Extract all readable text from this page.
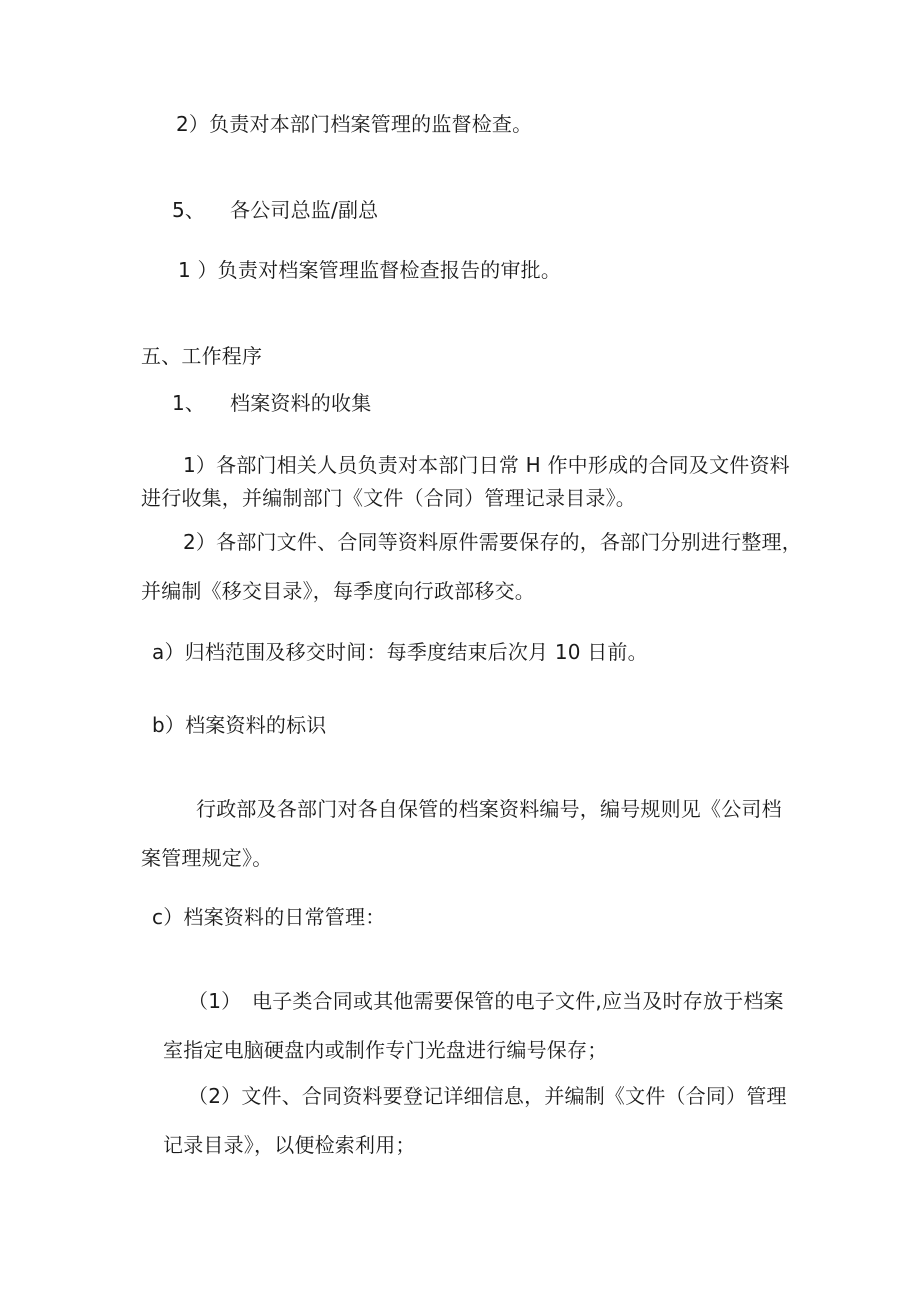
2）负责对本部门档案管理的监督检查。
5、 各公司总监/副总
1 ）负责对档案管理监督检查报告的审批。
五、工作程序
1、 档案资料的收集
1）各部门相关人员负责对本部门日常 H 作中形成的合同及文件资料
进行收集，并编制部门《文件（合同）管理记录目录》。
2）各部门文件、合同等资料原件需要保存的，各部门分别进行整理，
并编制《移交目录》，每季度向行政部移交。
a）归档范围及移交时间：每季度结束后次月 10 日前。
b）档案资料的标识
行政部及各部门对各自保管的档案资料编号，编号规则见《公司档
案管理规定》。
c）档案资料的日常管理：
（1） 电子类合同或其他需要保管的电子文件,应当及时存放于档案
室指定电脑硬盘内或制作专门光盘进行编号保存；
（2）文件、合同资料要登记详细信息，并编制《文件（合同）管理
记录目录》，以便检索利用；
